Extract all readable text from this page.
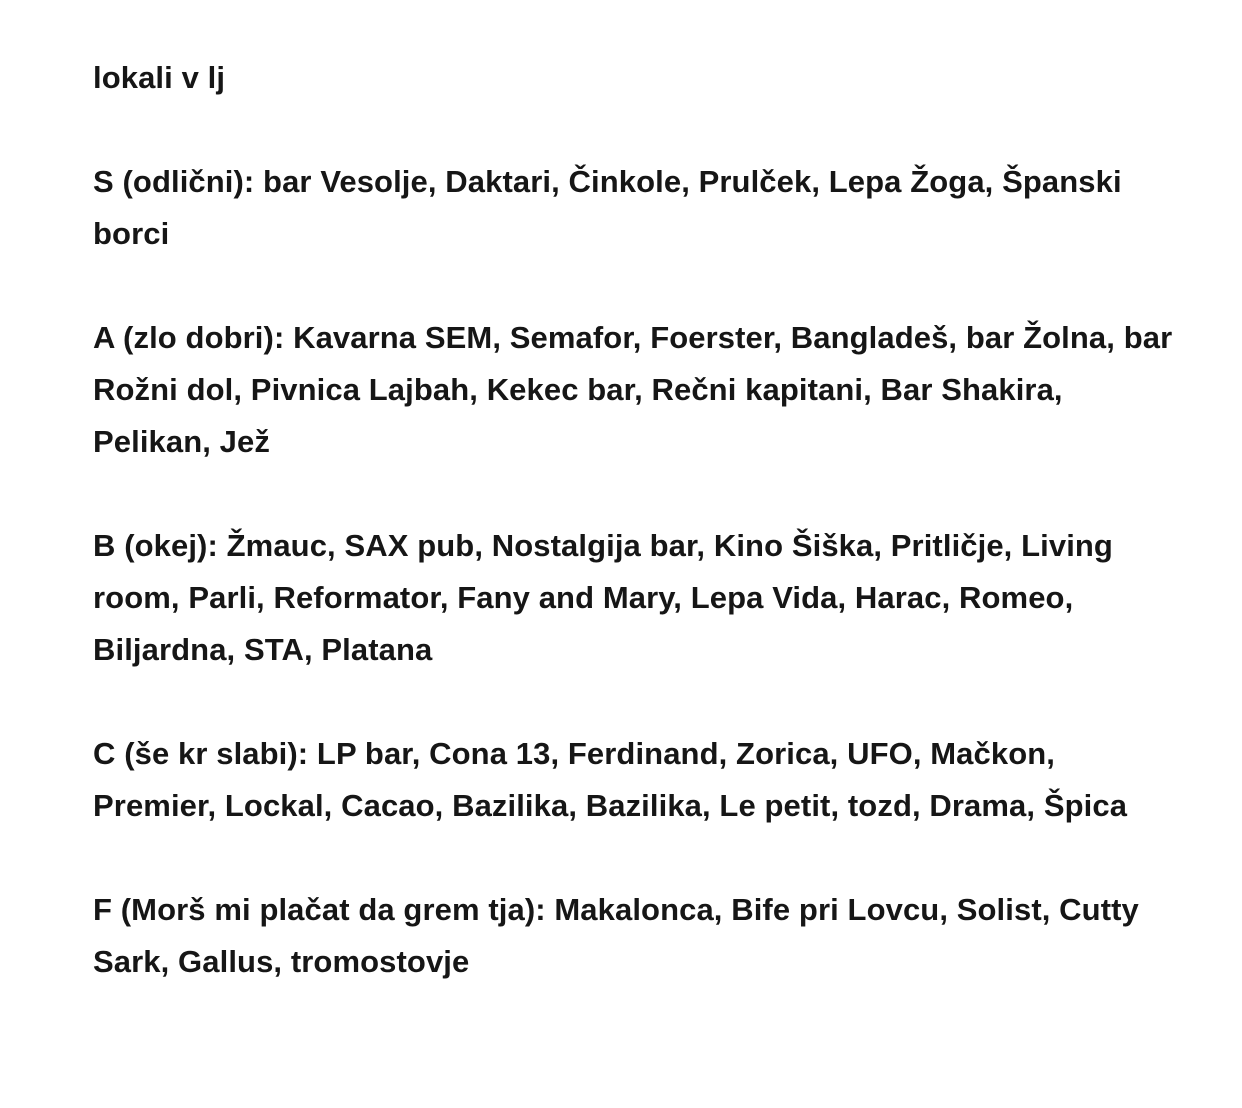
lokali v lj
S (odlični): bar Vesolje, Daktari, Činkole, Prulček, Lepa Žoga, Španski borci
A (zlo dobri): Kavarna SEM, Semafor, Foerster, Bangladeš, bar Žolna, bar Rožni dol, Pivnica Lajbah, Kekec bar, Rečni kapitani, Bar Shakira, Pelikan, Jež
B (okej): Žmauc, SAX pub, Nostalgija bar, Kino Šiška, Pritličje, Living room, Parli, Reformator, Fany and Mary, Lepa Vida, Harac, Romeo, Biljardna, STA, Platana
C (še kr slabi): LP bar, Cona 13, Ferdinand, Zorica, UFO, Mačkon, Premier, Lockal, Cacao, Bazilika, Bazilika, Le petit, tozd, Drama, Špica
F (Morš mi plačat da grem tja): Makalonca, Bife pri Lovcu, Solist, Cutty Sark, Gallus, tromostovje
